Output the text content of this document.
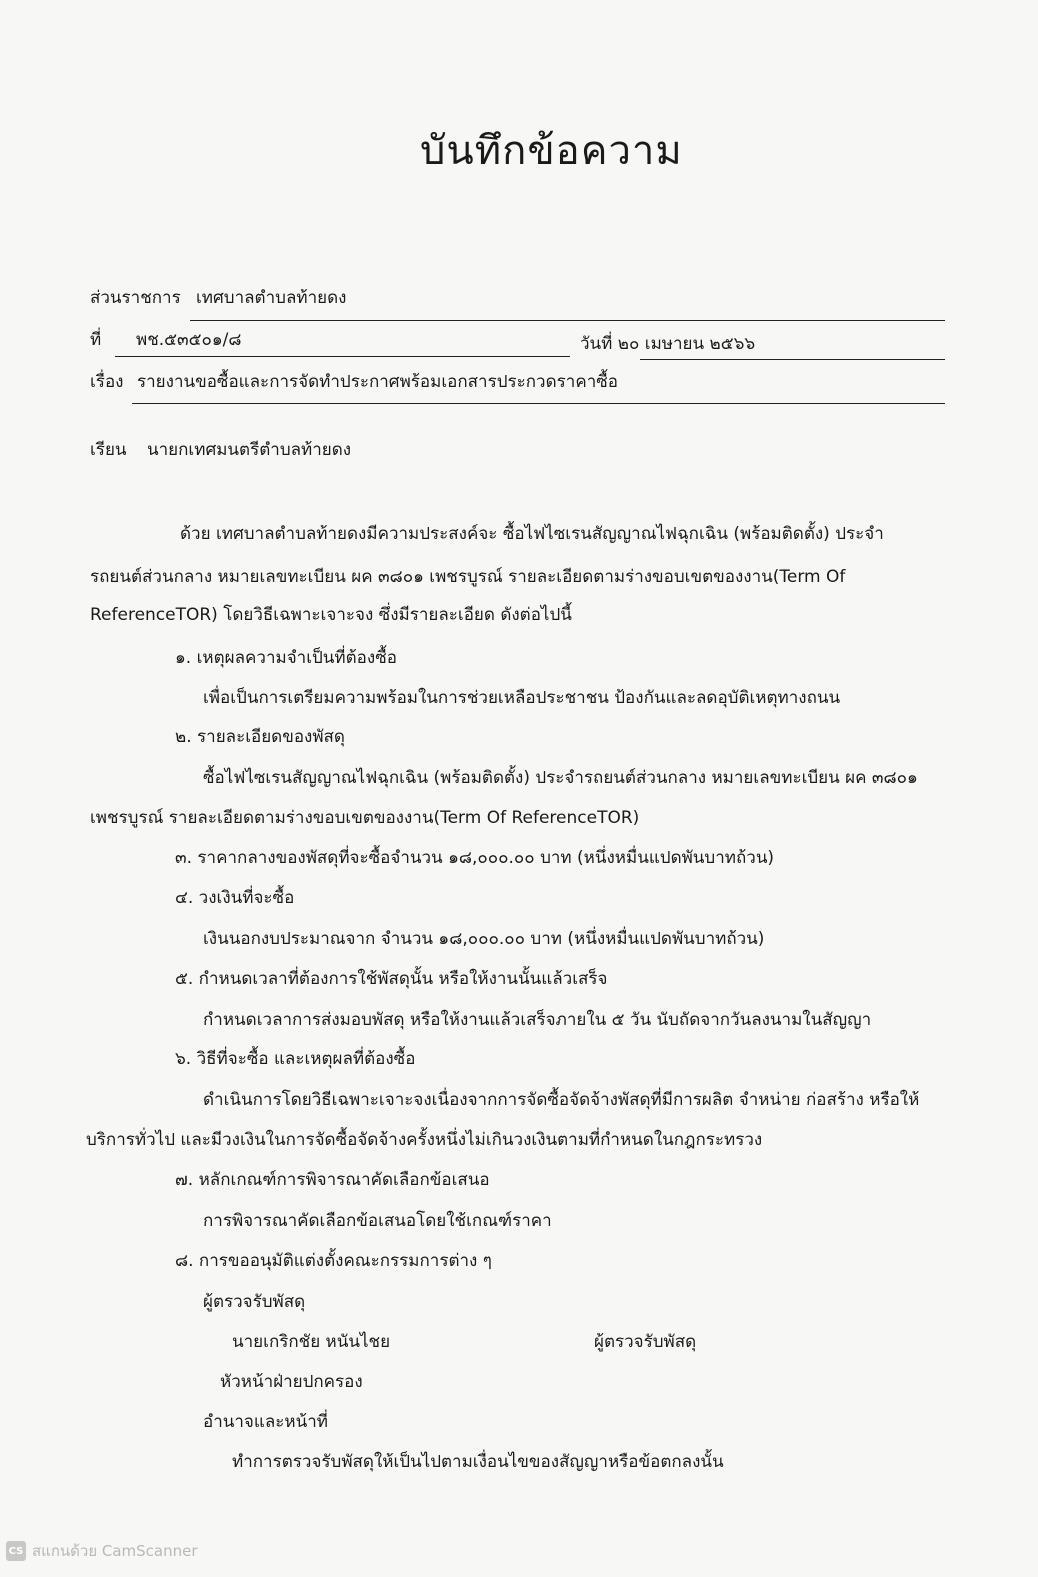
บันทึกข้อความ
ส่วนราชการ เทศบาลตำบลท้ายดง
ที่ พช.๕๓๕๐๑/๘	วันที่ ๒๐ เมษายน ๒๕๖๖
เรื่อง รายงานขอซื้อและการจัดทำประกาศพร้อมเอกสารประกวดราคาซื้อ
เรียน นายกเทศมนตรีตำบลท้ายดง
ด้วย เทศบาลตำบลท้ายดงมีความประสงค์จะ ซื้อไฟไซเรนสัญญาณไฟฉุกเฉิน (พร้อมติดตั้ง) ประจำ
รถยนต์ส่วนกลาง หมายเลขทะเบียน ผค ๓๘๐๑ เพชรบูรณ์ รายละเอียดตามร่างขอบเขตของงาน(Term Of
ReferenceTOR) โดยวิธีเฉพาะเจาะจง ซึ่งมีรายละเอียด ดังต่อไปนี้
๑. เหตุผลความจำเป็นที่ต้องซื้อ
เพื่อเป็นการเตรียมความพร้อมในการช่วยเหลือประชาชน ป้องกันและลดอุบัติเหตุทางถนน
๒. รายละเอียดของพัสดุ
ซื้อไฟไซเรนสัญญาณไฟฉุกเฉิน (พร้อมติดตั้ง) ประจำรถยนต์ส่วนกลาง หมายเลขทะเบียน ผค ๓๘๐๑
เพชรบูรณ์ รายละเอียดตามร่างขอบเขตของงาน(Term Of ReferenceTOR)
๓. ราคากลางของพัสดุที่จะซื้อจำนวน ๑๘,๐๐๐.๐๐ บาท (หนึ่งหมื่นแปดพันบาทถ้วน)
๔. วงเงินที่จะซื้อ
เงินนอกงบประมาณจาก จำนวน ๑๘,๐๐๐.๐๐ บาท (หนึ่งหมื่นแปดพันบาทถ้วน)
๕. กำหนดเวลาที่ต้องการใช้พัสดุนั้น หรือให้งานนั้นแล้วเสร็จ
กำหนดเวลาการส่งมอบพัสดุ หรือให้งานแล้วเสร็จภายใน ๕ วัน นับถัดจากวันลงนามในสัญญา
๖. วิธีที่จะซื้อ และเหตุผลที่ต้องซื้อ
ดำเนินการโดยวิธีเฉพาะเจาะจงเนื่องจากการจัดซื้อจัดจ้างพัสดุที่มีการผลิต จำหน่าย ก่อสร้าง หรือให้
บริการทั่วไป และมีวงเงินในการจัดซื้อจัดจ้างครั้งหนึ่งไม่เกินวงเงินตามที่กำหนดในกฎกระทรวง
๗. หลักเกณฑ์การพิจารณาคัดเลือกข้อเสนอ
การพิจารณาคัดเลือกข้อเสนอโดยใช้เกณฑ์ราคา
๘. การขออนุมัติแต่งตั้งคณะกรรมการต่าง ๆ
ผู้ตรวจรับพัสดุ
นายเกริกชัย หนันไชย	ผู้ตรวจรับพัสดุ
หัวหน้าฝ่ายปกครอง
อำนาจและหน้าที่
ทำการตรวจรับพัสดุให้เป็นไปตามเงื่อนไขของสัญญาหรือข้อตกลงนั้น
CS สแกนด้วย CamScanner
